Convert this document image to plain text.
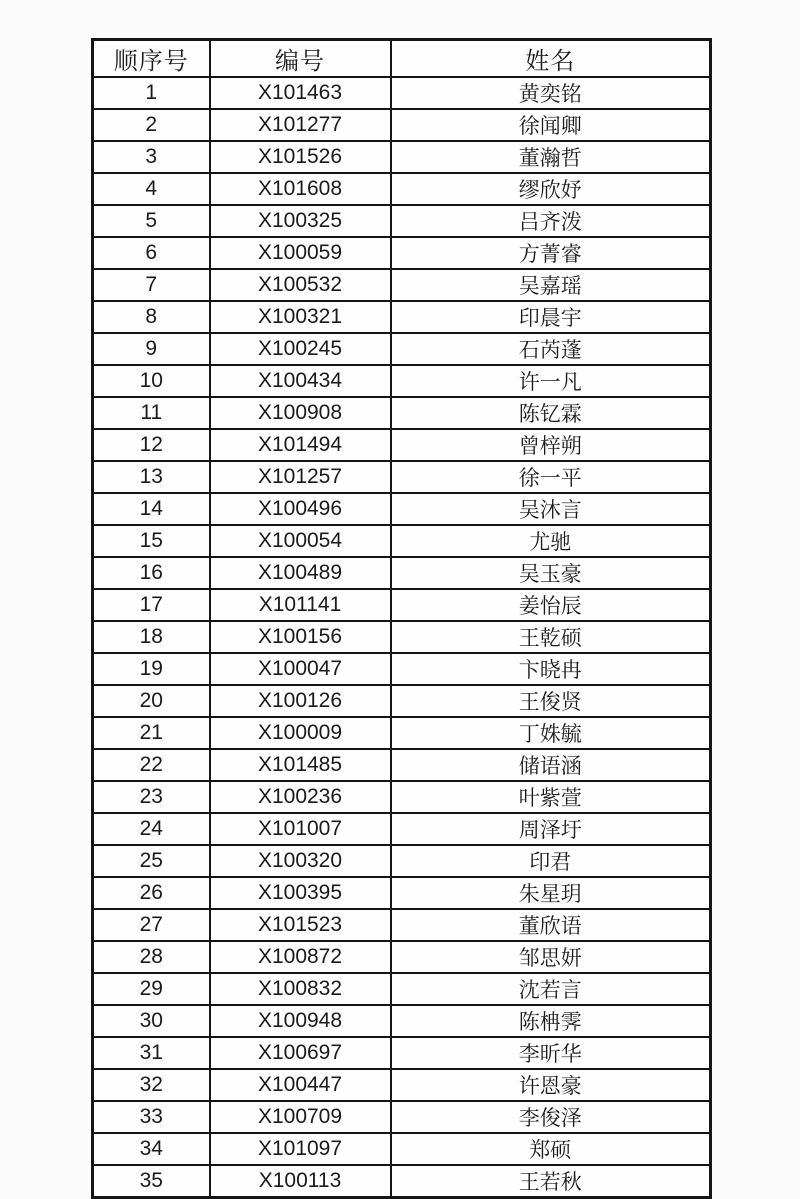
顺序号	编号	姓名
1	X101463	黄奕铭
2	X101277	徐闻卿
3	X101526	董瀚哲
4	X101608	缪欣妤
5	X100325	吕齐泼
6	X100059	方菁睿
7	X100532	吴嘉瑶
8	X100321	印晨宇
9	X100245	石芮蓬
10	X100434	许一凡
11	X100908	陈钇霖
12	X101494	曾梓朔
13	X101257	徐一平
14	X100496	吴沐言
15	X100054	尤驰
16	X100489	吴玉豪
17	X101141	姜怡辰
18	X100156	王乾硕
19	X100047	卞晓冉
20	X100126	王俊贤
21	X100009	丁姝毓
22	X101485	储语涵
23	X100236	叶紫萱
24	X101007	周泽圩
25	X100320	印君
26	X100395	朱星玥
27	X101523	董欣语
28	X100872	邹思妍
29	X100832	沈若言
30	X100948	陈柟霁
31	X100697	李昕华
32	X100447	许恩豪
33	X100709	李俊泽
34	X101097	郑硕
35	X100113	王若秋
